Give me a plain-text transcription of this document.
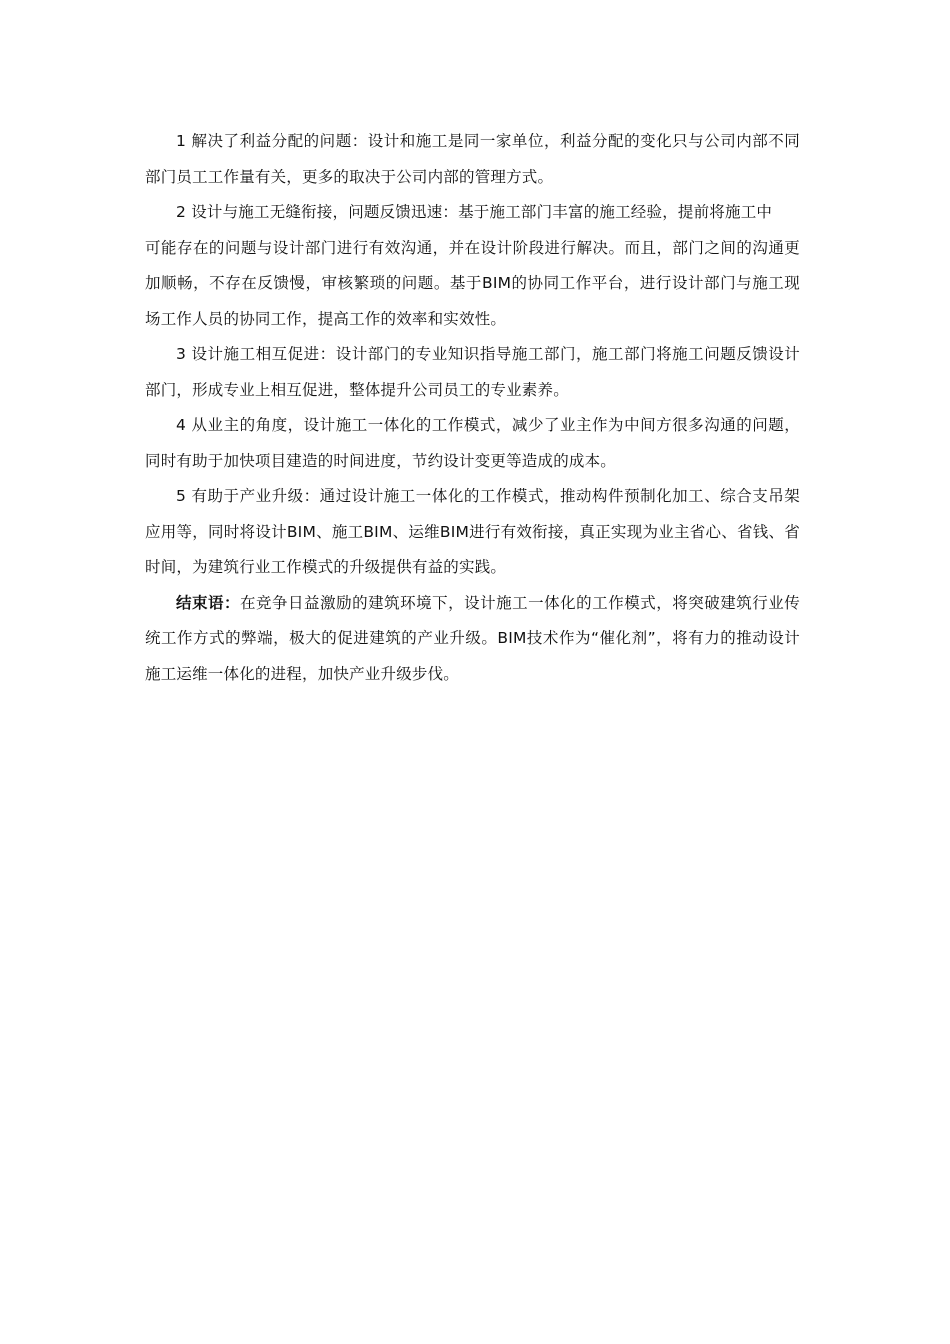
1 解决了利益分配的问题：设计和施工是同一家单位，利益分配的变化只与公司内部不同部门员工工作量有关，更多的取决于公司内部的管理方式。

2 设计与施工无缝衔接，问题反馈迅速：基于施工部门丰富的施工经验，提前将施工中

可能存在的问题与设计部门进行有效沟通，并在设计阶段进行解决。而且，部门之间的沟通更加顺畅，不存在反馈慢，审核繁琐的问题。基于BIM的协同工作平台，进行设计部门与施工现场工作人员的协同工作，提高工作的效率和实效性。

3 设计施工相互促进：设计部门的专业知识指导施工部门，施工部门将施工问题反馈设计部门，形成专业上相互促进，整体提升公司员工的专业素养。

4 从业主的角度，设计施工一体化的工作模式，减少了业主作为中间方很多沟通的问题，同时有助于加快项目建造的时间进度，节约设计变更等造成的成本。

5 有助于产业升级：通过设计施工一体化的工作模式，推动构件预制化加工、综合支吊架应用等，同时将设计BIM、施工BIM、运维BIM进行有效衔接，真正实现为业主省心、省钱、省时间，为建筑行业工作模式的升级提供有益的实践。

结束语：在竞争日益激励的建筑环境下，设计施工一体化的工作模式，将突破建筑行业传统工作方式的弊端，极大的促进建筑的产业升级。BIM技术作为“催化剂”，将有力的推动设计施工运维一体化的进程，加快产业升级步伐。
